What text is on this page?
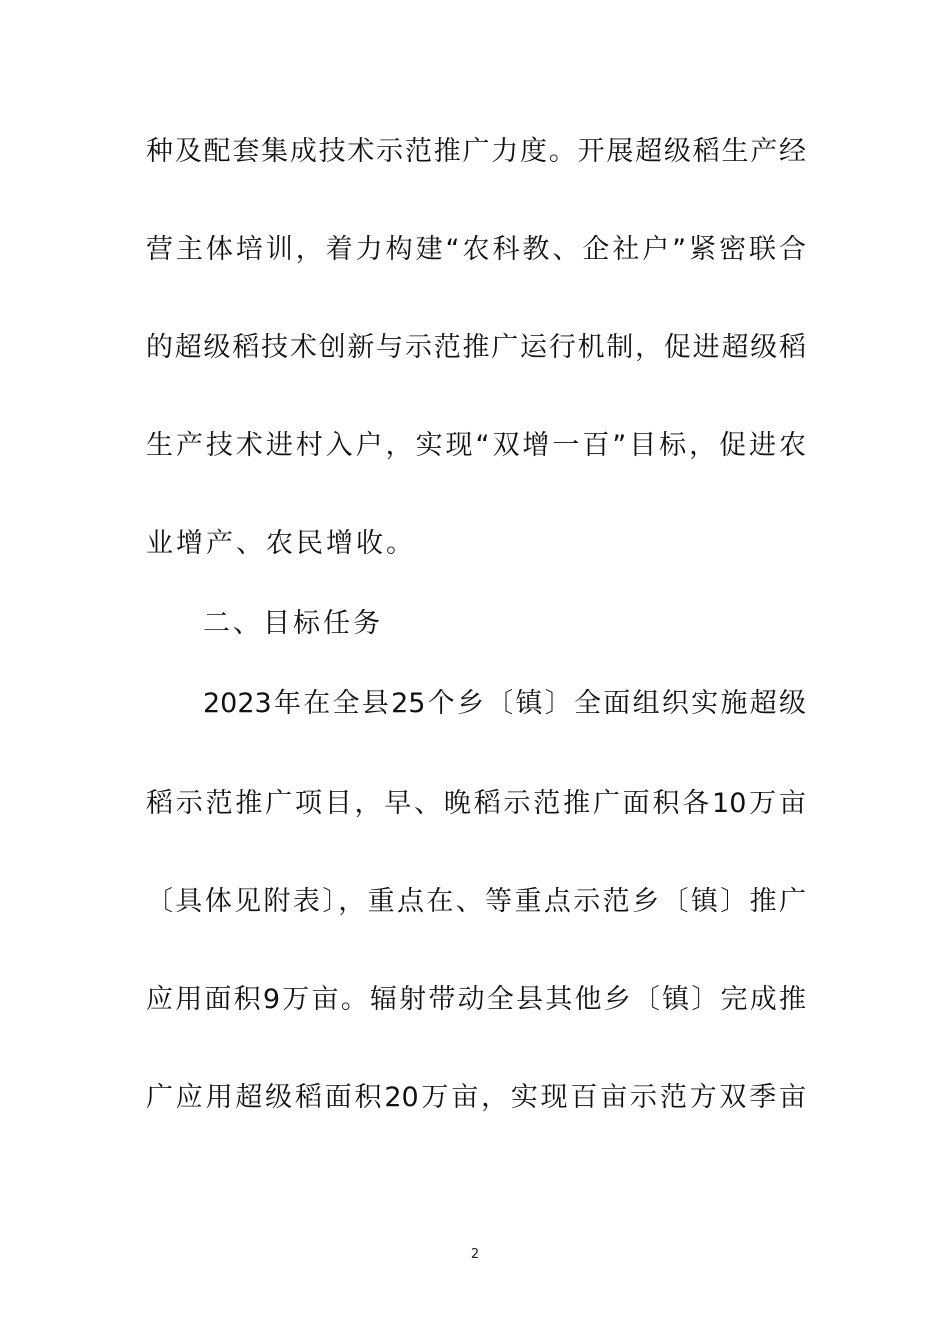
种及配套集成技术示范推广力度。开展超级稻生产经
营主体培训，着力构建“农科教、企社户”紧密联合
的超级稻技术创新与示范推广运行机制，促进超级稻
生产技术进村入户，实现“双增一百”目标，促进农
业增产、农民增收。
二、目标任务
2023年在全县25个乡〔镇〕全面组织实施超级
稻示范推广项目，早、晚稻示范推广面积各10万亩
〔具体见附表〕，重点在、等重点示范乡〔镇〕推广
应用面积9万亩。辐射带动全县其他乡〔镇〕完成推
广应用超级稻面积20万亩，实现百亩示范方双季亩
2
